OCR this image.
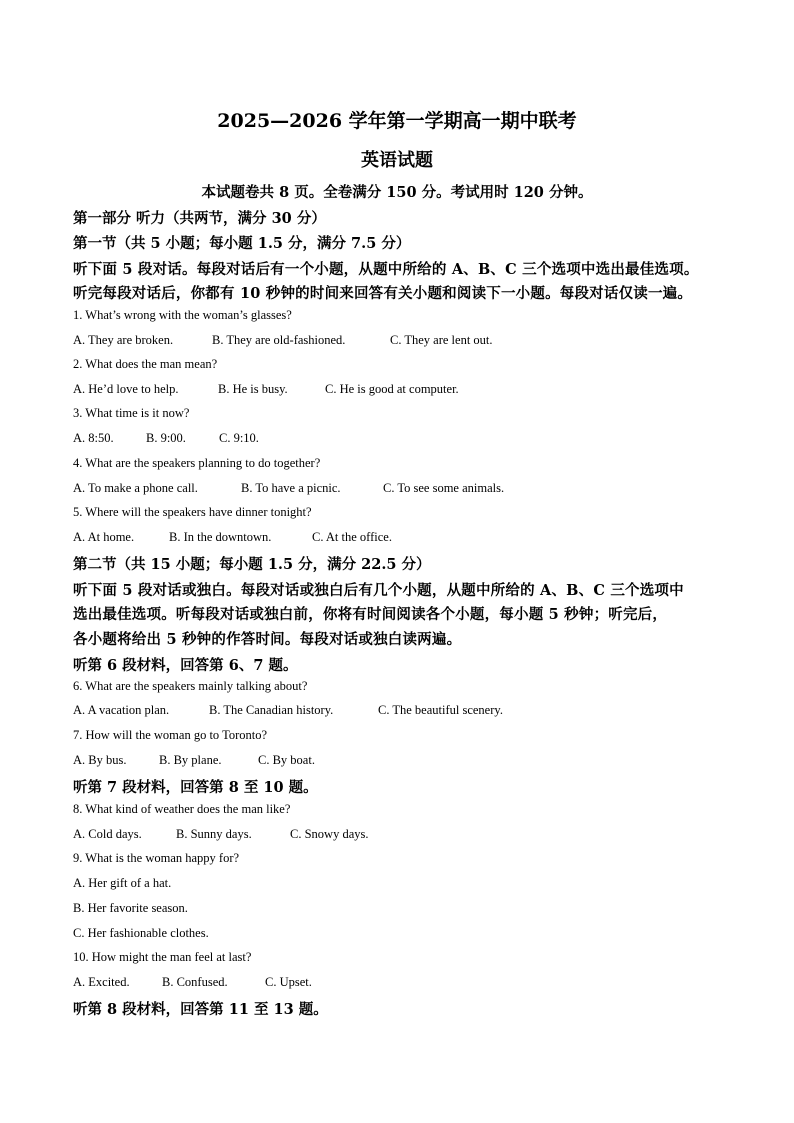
2025—2026 学年第一学期高一期中联考
英语试题
本试题卷共 8 页。全卷满分 150 分。考试用时 120 分钟。
第一部分 听力（共两节，满分 30 分）
第一节（共 5 小题；每小题 1.5 分，满分 7.5 分）
听下面 5 段对话。每段对话后有一个小题，从题中所给的 A、B、C 三个选项中选出最佳选项。
听完每段对话后，你都有 10 秒钟的时间来回答有关小题和阅读下一小题。每段对话仅读一遍。
1. What’s wrong with the woman’s glasses?
A. They are broken.	B. They are old-fashioned.	C. They are lent out.
2. What does the man mean?
A. He’d love to help.	B. He is busy.	C. He is good at computer.
3. What time is it now?
A. 8:50.	B. 9:00.	C. 9:10.
4. What are the speakers planning to do together?
A. To make a phone call.	B. To have a picnic.	C. To see some animals.
5. Where will the speakers have dinner tonight?
A. At home.	B. In the downtown.	C. At the office.
第二节（共 15 小题；每小题 1.5 分，满分 22.5 分）
听下面 5 段对话或独白。每段对话或独白后有几个小题，从题中所给的 A、B、C 三个选项中
选出最佳选项。听每段对话或独白前，你将有时间阅读各个小题，每小题 5 秒钟；听完后，
各小题将给出 5 秒钟的作答时间。每段对话或独白读两遍。
听第 6 段材料，回答第 6、7 题。
6. What are the speakers mainly talking about?
A. A vacation plan.	B. The Canadian history.	C. The beautiful scenery.
7. How will the woman go to Toronto?
A. By bus.	B. By plane.	C. By boat.
听第 7 段材料，回答第 8 至 10 题。
8. What kind of weather does the man like?
A. Cold days.	B. Sunny days.	C. Snowy days.
9. What is the woman happy for?
A. Her gift of a hat.
B. Her favorite season.
C. Her fashionable clothes.
10. How might the man feel at last?
A. Excited.	B. Confused.	C. Upset.
听第 8 段材料，回答第 11 至 13 题。
